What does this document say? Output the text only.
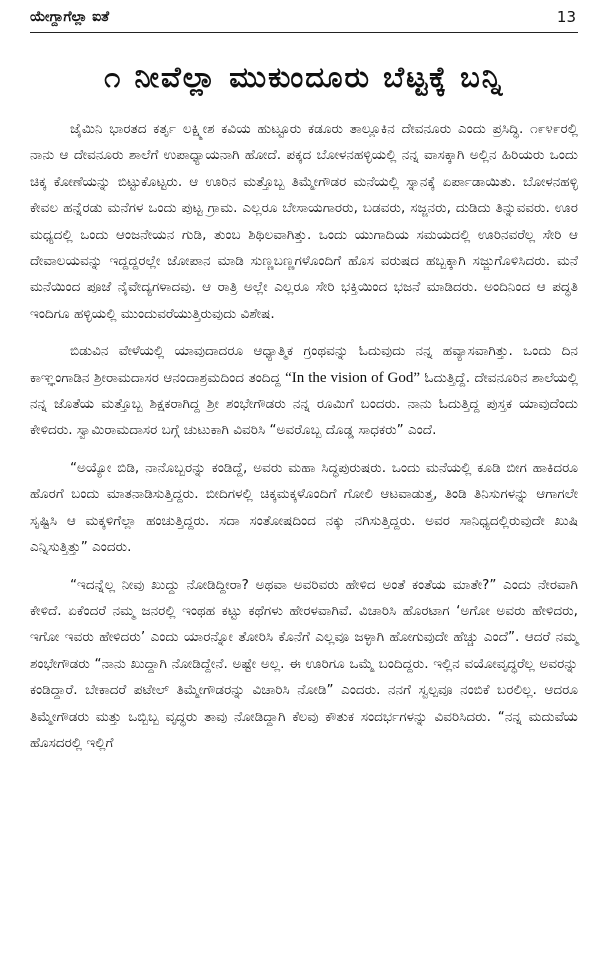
ಯೇಗ್ದಾಗೆಲ್ಲಾ ಐತೆ	13
೧ ನೀವೆಲ್ಲಾ ಮುಕುಂದೂರು ಬೆಟ್ಟಕ್ಕೆ ಬನ್ನಿ

ಜೈಮಿನಿ ಭಾರತದ ಕರ್ತೃ ಲಕ್ಷ್ಮೀಶ ಕವಿಯ ಹುಟ್ಟೂರು ಕಡೂರು ತಾಲ್ಲೂಕಿನ ದೇವನೂರು ಎಂದು ಪ್ರಸಿದ್ಧಿ. ೧೯೪೯ರಲ್ಲಿ ನಾನು ಆ ದೇವನೂರು ಶಾಲೆಗೆ ಉಪಾಧ್ಯಾಯನಾಗಿ ಹೋದೆ. ಪಕ್ಕದ ಬೋಳನಹಳ್ಳಿಯಲ್ಲಿ ನನ್ನ ವಾಸಕ್ಕಾಗಿ ಅಲ್ಲಿನ ಹಿರಿಯರು ಒಂದು ಚಿಕ್ಕ ಕೋಣೆಯನ್ನು ಬಿಟ್ಟುಕೊಟ್ಟರು. ಆ ಊರಿನ ಮತ್ತೊಬ್ಬ ತಿಮ್ಮೇಗೌಡರ ಮನೆಯಲ್ಲಿ ಸ್ನಾನಕ್ಕೆ ಏರ್ಪಾಡಾಯಿತು. ಬೋಳನಹಳ್ಳಿ ಕೇವಲ ಹನ್ನೆರಡು ಮನೆಗಳ ಒಂದು ಪುಟ್ಟ ಗ್ರಾಮ. ಎಲ್ಲರೂ ಬೇಸಾಯಗಾರರು, ಬಡವರು, ಸಜ್ಜನರು, ದುಡಿದು ತಿನ್ನುವವರು. ಊರ ಮಧ್ಯದಲ್ಲಿ ಒಂದು ಆಂಜನೇಯನ ಗುಡಿ, ತುಂಬ ಶಿಥಿಲವಾಗಿತ್ತು. ಒಂದು ಯುಗಾದಿಯ ಸಮಯದಲ್ಲಿ ಊರಿನವರೆಲ್ಲ ಸೇರಿ ಆ ದೇವಾಲಯವನ್ನು ಇದ್ದದ್ದರಲ್ಲೇ ಜೋಪಾನ ಮಾಡಿ ಸುಣ್ಣಬಣ್ಣಗಳೊಂದಿಗೆ ಹೊಸ ವರುಷದ ಹಬ್ಬಕ್ಕಾಗಿ ಸಜ್ಜುಗೊಳಿಸಿದರು. ಮನೆ ಮನೆಯಿಂದ ಪೂಜೆ ನೈವೇದ್ಯಗಳಾದವು. ಆ ರಾತ್ರಿ ಅಲ್ಲೇ ಎಲ್ಲರೂ ಸೇರಿ ಭಕ್ತಿಯಿಂದ ಭಜನೆ ಮಾಡಿದರು. ಅಂದಿನಿಂದ ಆ ಪದ್ಧತಿ ಇಂದಿಗೂ ಹಳ್ಳಿಯಲ್ಲಿ ಮುಂದುವರೆಯುತ್ತಿರುವುದು ವಿಶೇಷ.

ಬಿಡುವಿನ ವೇಳೆಯಲ್ಲಿ ಯಾವುದಾದರೂ ಆಧ್ಯಾತ್ಮಿಕ ಗ್ರಂಥವನ್ನು ಓದುವುದು ನನ್ನ ಹವ್ಯಾಸವಾಗಿತ್ತು. ಒಂದು ದಿನ ಕಾಞ್ಞಂಗಾಡಿನ ಶ್ರೀರಾಮದಾಸರ ಆನಂದಾಶ್ರಮದಿಂದ ತಂದಿದ್ದ “In the vision of God” ಓದುತ್ತಿದ್ದೆ. ದೇವನೂರಿನ ಶಾಲೆಯಲ್ಲಿ ನನ್ನ ಜೊತೆಯ ಮತ್ತೊಬ್ಬ ಶಿಕ್ಷಕರಾಗಿದ್ದ ಶ್ರೀ ಶಂಭೇಗೌಡರು ನನ್ನ ರೂಮಿಗೆ ಬಂದರು. ನಾನು ಓದುತ್ತಿದ್ದ ಪುಸ್ತಕ ಯಾವುದೆಂದು ಕೇಳಿದರು. ಸ್ವಾಮಿರಾಮದಾಸರ ಬಗ್ಗೆ ಚುಟುಕಾಗಿ ವಿವರಿಸಿ “ಅವರೊಬ್ಬ ದೊಡ್ಡ ಸಾಧಕರು” ಎಂದೆ.

“ಅಯ್ಯೋ ಬಿಡಿ, ನಾನೊಬ್ಬರನ್ನು ಕಂಡಿದ್ದೆ, ಅವರು ಮಹಾ ಸಿದ್ಧಪುರುಷರು. ಒಂದು ಮನೆಯಲ್ಲಿ ಕೂಡಿ ಬೀಗ ಹಾಕಿದರೂ ಹೊರಗೆ ಬಂದು ಮಾತನಾಡಿಸುತ್ತಿದ್ದರು. ಬೀದಿಗಳಲ್ಲಿ ಚಿಕ್ಕಮಕ್ಕಳೊಂದಿಗೆ ಗೋಲಿ ಆಟವಾಡುತ್ತ, ತಿಂಡಿ ತಿನಿಸುಗಳನ್ನು ಆಗಾಗಲೇ ಸೃಷ್ಟಿಸಿ ಆ ಮಕ್ಕಳಿಗೆಲ್ಲಾ ಹಂಚುತ್ತಿದ್ದರು. ಸದಾ ಸಂತೋಷದಿಂದ ನಕ್ಕು ನಗಿಸುತ್ತಿದ್ದರು. ಅವರ ಸಾನಿಧ್ಯದಲ್ಲಿರುವುದೇ ಖುಷಿ ಎನ್ನಿಸುತ್ತಿತ್ತು” ಎಂದರು.

“ಇದನ್ನೆಲ್ಲ ನೀವು ಖುದ್ದು ನೋಡಿದ್ದೀರಾ? ಅಥವಾ ಅವರಿವರು ಹೇಳಿದ ಅಂತೆ ಕಂತೆಯ ಮಾತೇ?” ಎಂದು ನೇರವಾಗಿ ಕೇಳಿದೆ. ಏಕೆಂದರೆ ನಮ್ಮ ಜನರಲ್ಲಿ ಇಂಥಹ ಕಟ್ಟು ಕಥೆಗಳು ಹೇರಳವಾಗಿವೆ. ವಿಚಾರಿಸಿ ಹೊರಟಾಗ ‘ಅಗೋ ಅವರು ಹೇಳಿದರು, ಇಗೋ ಇವರು ಹೇಳಿದರು’ ಎಂದು ಯಾರನ್ನೋ ತೋರಿಸಿ ಕೊನೆಗೆ ಎಲ್ಲವೂ ಜಳ್ಳಾಗಿ ಹೋಗುವುದೇ ಹೆಚ್ಚು ಎಂದೆ”. ಆದರೆ ನಮ್ಮ ಶಂಭೇಗೌಡರು “ನಾನು ಖುದ್ದಾಗಿ ನೋಡಿದ್ದೇನೆ. ಅಷ್ಟೇ ಅಲ್ಲ. ಈ ಊರಿಗೂ ಒಮ್ಮೆ ಬಂದಿದ್ದರು. ಇಲ್ಲಿನ ವಯೋವೃದ್ಧರೆಲ್ಲ ಅವರನ್ನು ಕಂಡಿದ್ದಾರೆ. ಬೇಕಾದರೆ ಪಟೇಲ್ ತಿಮ್ಮೇಗೌಡರನ್ನು ವಿಚಾರಿಸಿ ನೋಡಿ” ಎಂದರು. ನನಗೆ ಸ್ವಲ್ಪವೂ ನಂಬಿಕೆ ಬರಲಿಲ್ಲ. ಆದರೂ ತಿಮ್ಮೇಗೌಡರು ಮತ್ತು ಒಬ್ಬಿಬ್ಬ ವೃದ್ಧರು ತಾವು ನೋಡಿದ್ದಾಗಿ ಕೆಲವು ಕೌತುಕ ಸಂದರ್ಭಗಳನ್ನು ವಿವರಿಸಿದರು. “ನನ್ನ ಮದುವೆಯ ಹೊಸದರಲ್ಲಿ ಇಲ್ಲಿಗೆ
